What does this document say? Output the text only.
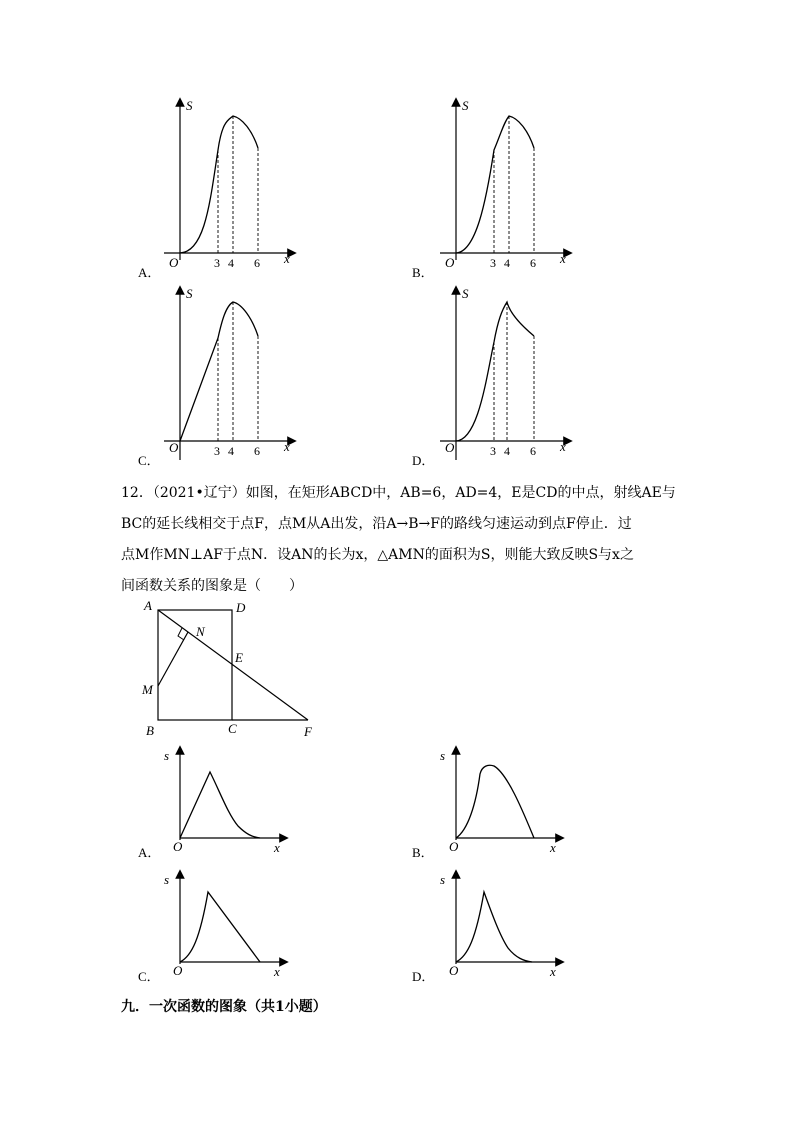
S
x
O	3 4 6
A．
S
x
O	3 4 6
B．
S
x
O	3 4 6
C．
S
x
O	3 4 6
D．
12．（2021•辽宁）如图，在矩形ABCD中，AB=6，AD=4，E是CD的中点，射线AE与
BC的延长线相交于点F，点M从A出发，沿A→B→F的路线匀速运动到点F停止．过
点M作MN⊥AF于点N．设AN的长为x，△AMN的面积为S，则能大致反映S与x之
间函数关系的图象是（　　）
A	D
N
E
M
B	C	F
s
x
O
A．
s
x
O
B．
s
x
O
C．
s
x
O
D．
九．一次函数的图象（共1小题）
